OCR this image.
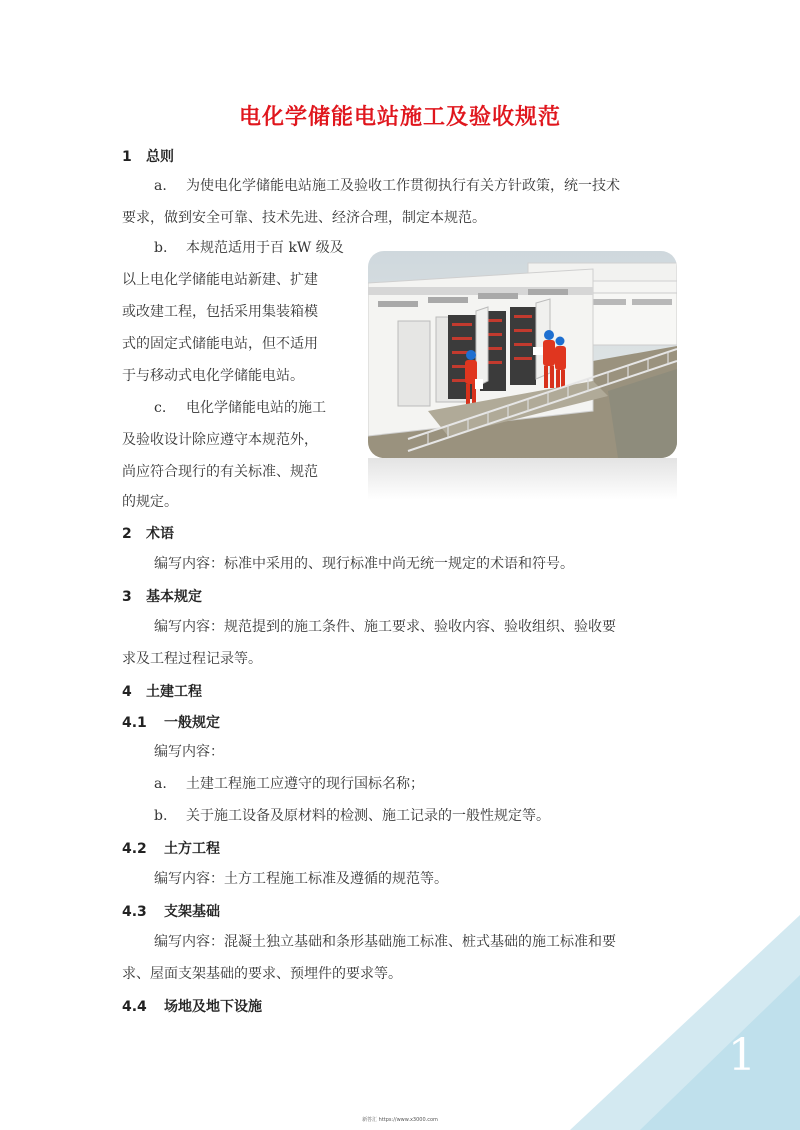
电化学储能电站施工及验收规范
1 总则
a. 为使电化学储能电站施工及验收工作贯彻执行有关方针政策，统一技术
要求，做到安全可靠、技术先进、经济合理，制定本规范。
b. 本规范适用于百 kW 级及
以上电化学储能电站新建、扩建
或改建工程，包括采用集装箱模
式的固定式储能电站，但不适用
于与移动式电化学储能电站。
c. 电化学储能电站的施工
及验收设计除应遵守本规范外，
尚应符合现行的有关标准、规范
的规定。
2 术语
编写内容：标准中采用的、现行标准中尚无统一规定的术语和符号。
3 基本规定
编写内容：规范提到的施工条件、施工要求、验收内容、验收组织、验收要
求及工程过程记录等。
4 土建工程
4.1 一般规定
编写内容：
a. 土建工程施工应遵守的现行国标名称；
b. 关于施工设备及原材料的检测、施工记录的一般性规定等。
4.2 土方工程
编写内容：土方工程施工标准及遵循的规范等。
4.3 支架基础
编写内容：混凝土独立基础和条形基础施工标准、桩式基础的施工标准和要
求、屋面支架基础的要求、预埋件的要求等。
4.4 场地及地下设施
1
新答汇 https://www.x3000.com
